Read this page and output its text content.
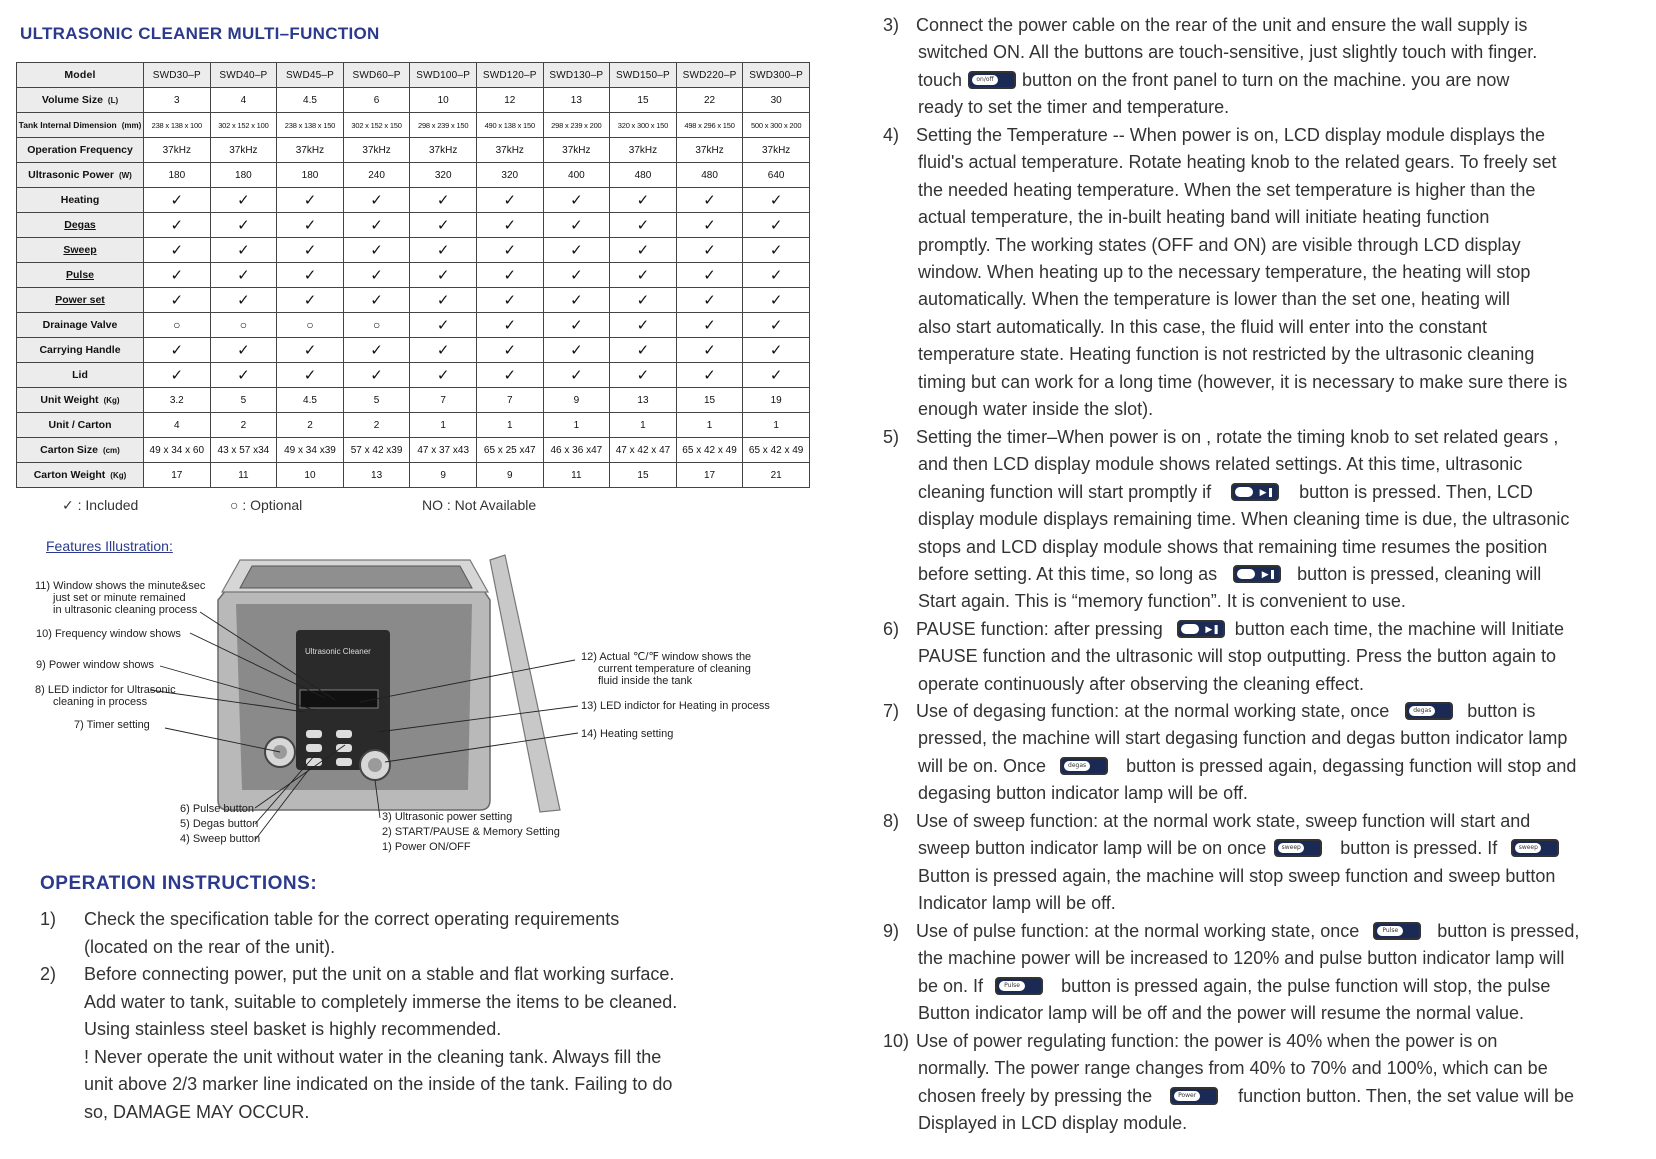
ULTRASONIC CLEANER MULTI–FUNCTION
Model	SWD30–P	SWD40–P	SWD45–P	SWD60–P	SWD100–P	SWD120–P	SWD130–P	SWD150–P	SWD220–P	SWD300–P
Volume Size (L)	3	4	4.5	6	10	12	13	15	22	30
Tank Internal Dimension (mm)	238 x 138 x 100	302 x 152 x 100	238 x 138 x 150	302 x 152 x 150	298 x 239 x 150	490 x 138 x 150	298 x 239 x 200	320 x 300 x 150	498 x 296 x 150	500 x 300 x 200
Operation Frequency	37kHz	37kHz	37kHz	37kHz	37kHz	37kHz	37kHz	37kHz	37kHz	37kHz
Ultrasonic Power (W)	180	180	180	240	320	320	400	480	480	640
Heating	✓	✓	✓	✓	✓	✓	✓	✓	✓	✓
Degas	✓	✓	✓	✓	✓	✓	✓	✓	✓	✓
Sweep	✓	✓	✓	✓	✓	✓	✓	✓	✓	✓
Pulse	✓	✓	✓	✓	✓	✓	✓	✓	✓	✓
Power set	✓	✓	✓	✓	✓	✓	✓	✓	✓	✓
Drainage Valve	○	○	○	○	✓	✓	✓	✓	✓	✓
Carrying Handle	✓	✓	✓	✓	✓	✓	✓	✓	✓	✓
Lid	✓	✓	✓	✓	✓	✓	✓	✓	✓	✓
Unit Weight (Kg)	3.2	5	4.5	5	7	7	9	13	15	19
Unit / Carton	4	2	2	2	1	1	1	1	1	1
Carton Size (cm)	49 x 34 x 60	43 x 57 x34	49 x 34 x39	57 x 42 x39	47 x 37 x43	65 x 25 x47	46 x 36 x47	47 x 42 x 47	65 x 42 x 49	65 x 42 x 49
Carton Weight (Kg)	17	11	10	13	9	9	11	15	17	21
✓ : Included	○ : Optional	NO : Not Available
Features Illustration:
Ultrasonic Cleaner
11) Window shows the minute&sec
just set or minute remained
in ultrasonic cleaning process
10) Frequency window shows
9) Power window shows
8) LED indictor for Ultrasonic
cleaning in process
7) Timer setting
12) Actual ℃/℉ window shows the
current temperature of cleaning
fluid inside the tank
13) LED indictor for Heating in process
14) Heating setting
6) Pulse button
5) Degas button
4) Sweep button
3) Ultrasonic power setting
2) START/PAUSE & Memory Setting
1) Power ON/OFF
OPERATION INSTRUCTIONS:
1) Check the specification table for the correct operating requirements
(located on the rear of the unit).
2) Before connecting power, put the unit on a stable and flat working surface.
Add water to tank, suitable to completely immerse the items to be cleaned.
Using stainless steel basket is highly recommended.
! Never operate the unit without water in the cleaning tank. Always fill the
unit above 2/3 marker line indicated on the inside of the tank. Failing to do
so, DAMAGE MAY OCCUR.
3) Connect the power cable on the rear of the unit and ensure the wall supply is
switched ON. All the buttons are touch-sensitive, just slightly touch with finger.
touch	on/off button on the front panel to turn on the machine. you are now
ready to set the timer and temperature.
4) Setting the Temperature -- When power is on, LCD display module displays the
fluid's actual temperature. Rotate heating knob to the related gears. To freely set
the needed heating temperature. When the set temperature is higher than the
actual temperature, the in-built heating band will initiate heating function
promptly. The working states (OFF and ON) are visible through LCD display
window. When heating up to the necessary temperature, the heating will stop
automatically. When the temperature is lower than the set one, heating will
also start automatically. In this case, the fluid will enter into the constant
temperature state. Heating function is not restricted by the ultrasonic cleaning
timing but can work for a long time (however, it is necessary to make sure there is
enough water inside the slot).
5) Setting the timer–When power is on , rotate the timing knob to set related gears ,
and then LCD display module shows related settings. At this time, ultrasonic
cleaning function will start promptly if	▶❚ button is pressed. Then, LCD
display module displays remaining time. When cleaning time is due, the ultrasonic
stops and LCD display module shows that remaining time resumes the position
before setting. At this time, so long as	▶❚ button is pressed, cleaning will
Start again. This is “memory function”. It is convenient to use.
6) PAUSE function: after pressing	▶❚ button each time, the machine will Initiate
PAUSE function and the ultrasonic will stop outputting. Press the button again to
operate continuously after observing the cleaning effect.
7) Use of degasing function: at the normal working state, once	degas button is
pressed, the machine will start degasing function and degas button indicator lamp
will be on. Once	degas button is pressed again, degassing function will stop and
degasing button indicator lamp will be off.
8) Use of sweep function: at the normal work state, sweep function will start and
sweep button indicator lamp will be on once	sweep button is pressed. If	sweep
Button is pressed again, the machine will stop sweep function and sweep button
Indicator lamp will be off.
9) Use of pulse function: at the normal working state, once	Pulse button is pressed,
the machine power will be increased to 120% and pulse button indicator lamp will
be on. If	Pulse button is pressed again, the pulse function will stop, the pulse
Button indicator lamp will be off and the power will resume the normal value.
10) Use of power regulating function: the power is 40% when the power is on
normally. The power range changes from 40% to 70% and 100%, which can be
chosen freely by pressing the	Power function button. Then, the set value will be
Displayed in LCD display module.
